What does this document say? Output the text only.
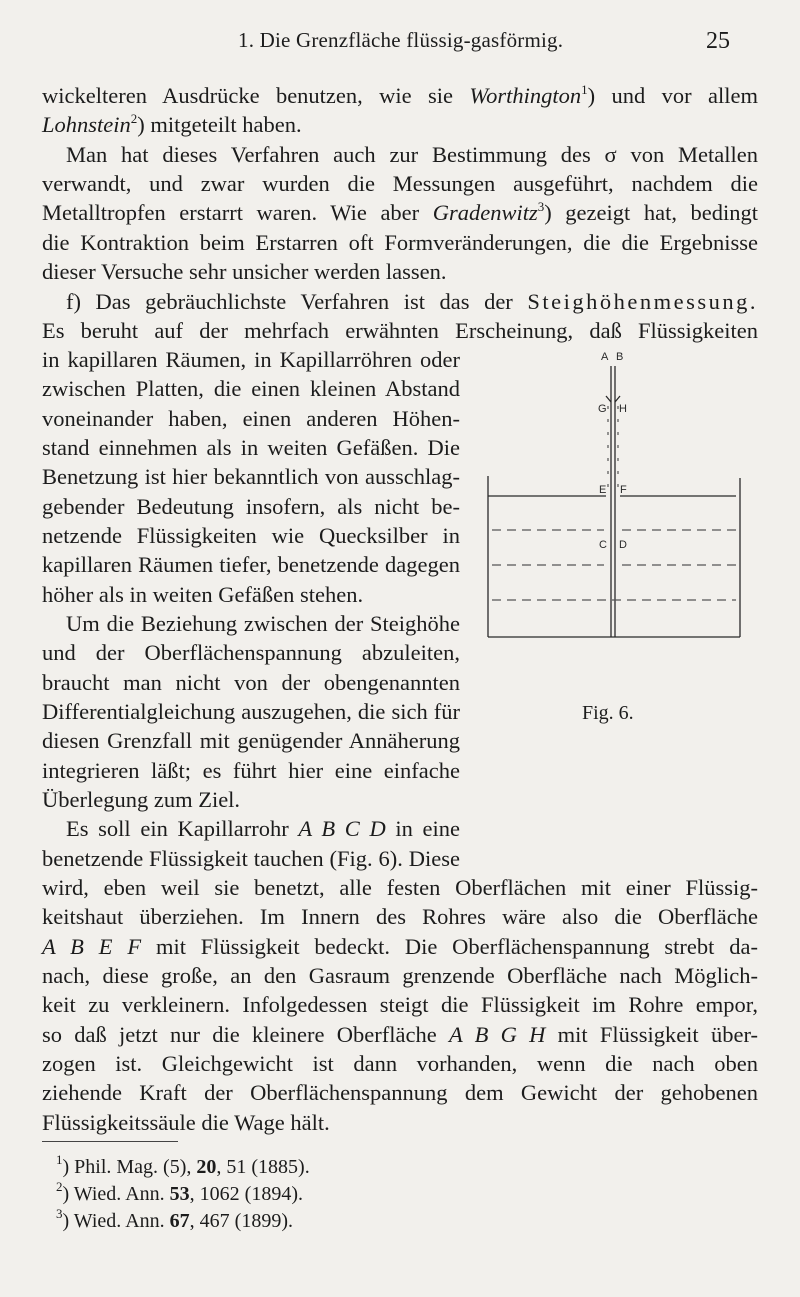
1. Die Grenzfläche flüssig-gasförmig.	25
wickelteren Ausdrücke benutzen, wie sie Worthington$^1$) und vor allem
Lohnstein$^2$) mitgeteilt haben.
Man hat dieses Verfahren auch zur Bestimmung des σ von Metallen
verwandt, und zwar wurden die Messungen ausgeführt, nachdem die
Metalltropfen erstarrt waren. Wie aber Gradenwitz$^3$) gezeigt hat, bedingt
die Kontraktion beim Erstarren oft Formveränderungen, die die Ergebnisse
dieser Versuche sehr unsicher werden lassen.
f) Das gebräuchlichste Verfahren ist das der Steighöhenmessung.
Es beruht auf der mehrfach erwähnten Erscheinung, daß Flüssigkeiten
in kapillaren Räumen, in Kapillarröhren oder
zwischen Platten, die einen kleinen Abstand
voneinander haben, einen anderen Höhen-
stand einnehmen als in weiten Gefäßen. Die
Benetzung ist hier bekanntlich von ausschlag-
gebender Bedeutung insofern, als nicht be-
netzende Flüssigkeiten wie Quecksilber in
kapillaren Räumen tiefer, benetzende dagegen
höher als in weiten Gefäßen stehen.
Um die Beziehung zwischen der Steighöhe
und der Oberflächenspannung abzuleiten,
braucht man nicht von der obengenannten
Differentialgleichung auszugehen, die sich für
diesen Grenzfall mit genügender Annäherung
integrieren läßt; es führt hier eine einfache
Überlegung zum Ziel.
Es soll ein Kapillarrohr A B C D in eine
benetzende Flüssigkeit tauchen (Fig. 6). Diese
wird, eben weil sie benetzt, alle festen Oberflächen mit einer Flüssig-
keitshaut überziehen. Im Innern des Rohres wäre also die Oberfläche
A B E F mit Flüssigkeit bedeckt. Die Oberflächenspannung strebt da-
nach, diese große, an den Gasraum grenzende Oberfläche nach Möglich-
keit zu verkleinern. Infolgedessen steigt die Flüssigkeit im Rohre empor,
so daß jetzt nur die kleinere Oberfläche A B G H mit Flüssigkeit über-
zogen ist. Gleichgewicht ist dann vorhanden, wenn die nach oben
ziehende Kraft der Oberflächenspannung dem Gewicht der gehobenen
Flüssigkeitssäule die Wage hält.
A B
G H
E F
C D
Fig. 6.
$^1$) Phil. Mag. (5), 20, 51 (1885).
$^2$) Wied. Ann. 53, 1062 (1894).
$^3$) Wied. Ann. 67, 467 (1899).
